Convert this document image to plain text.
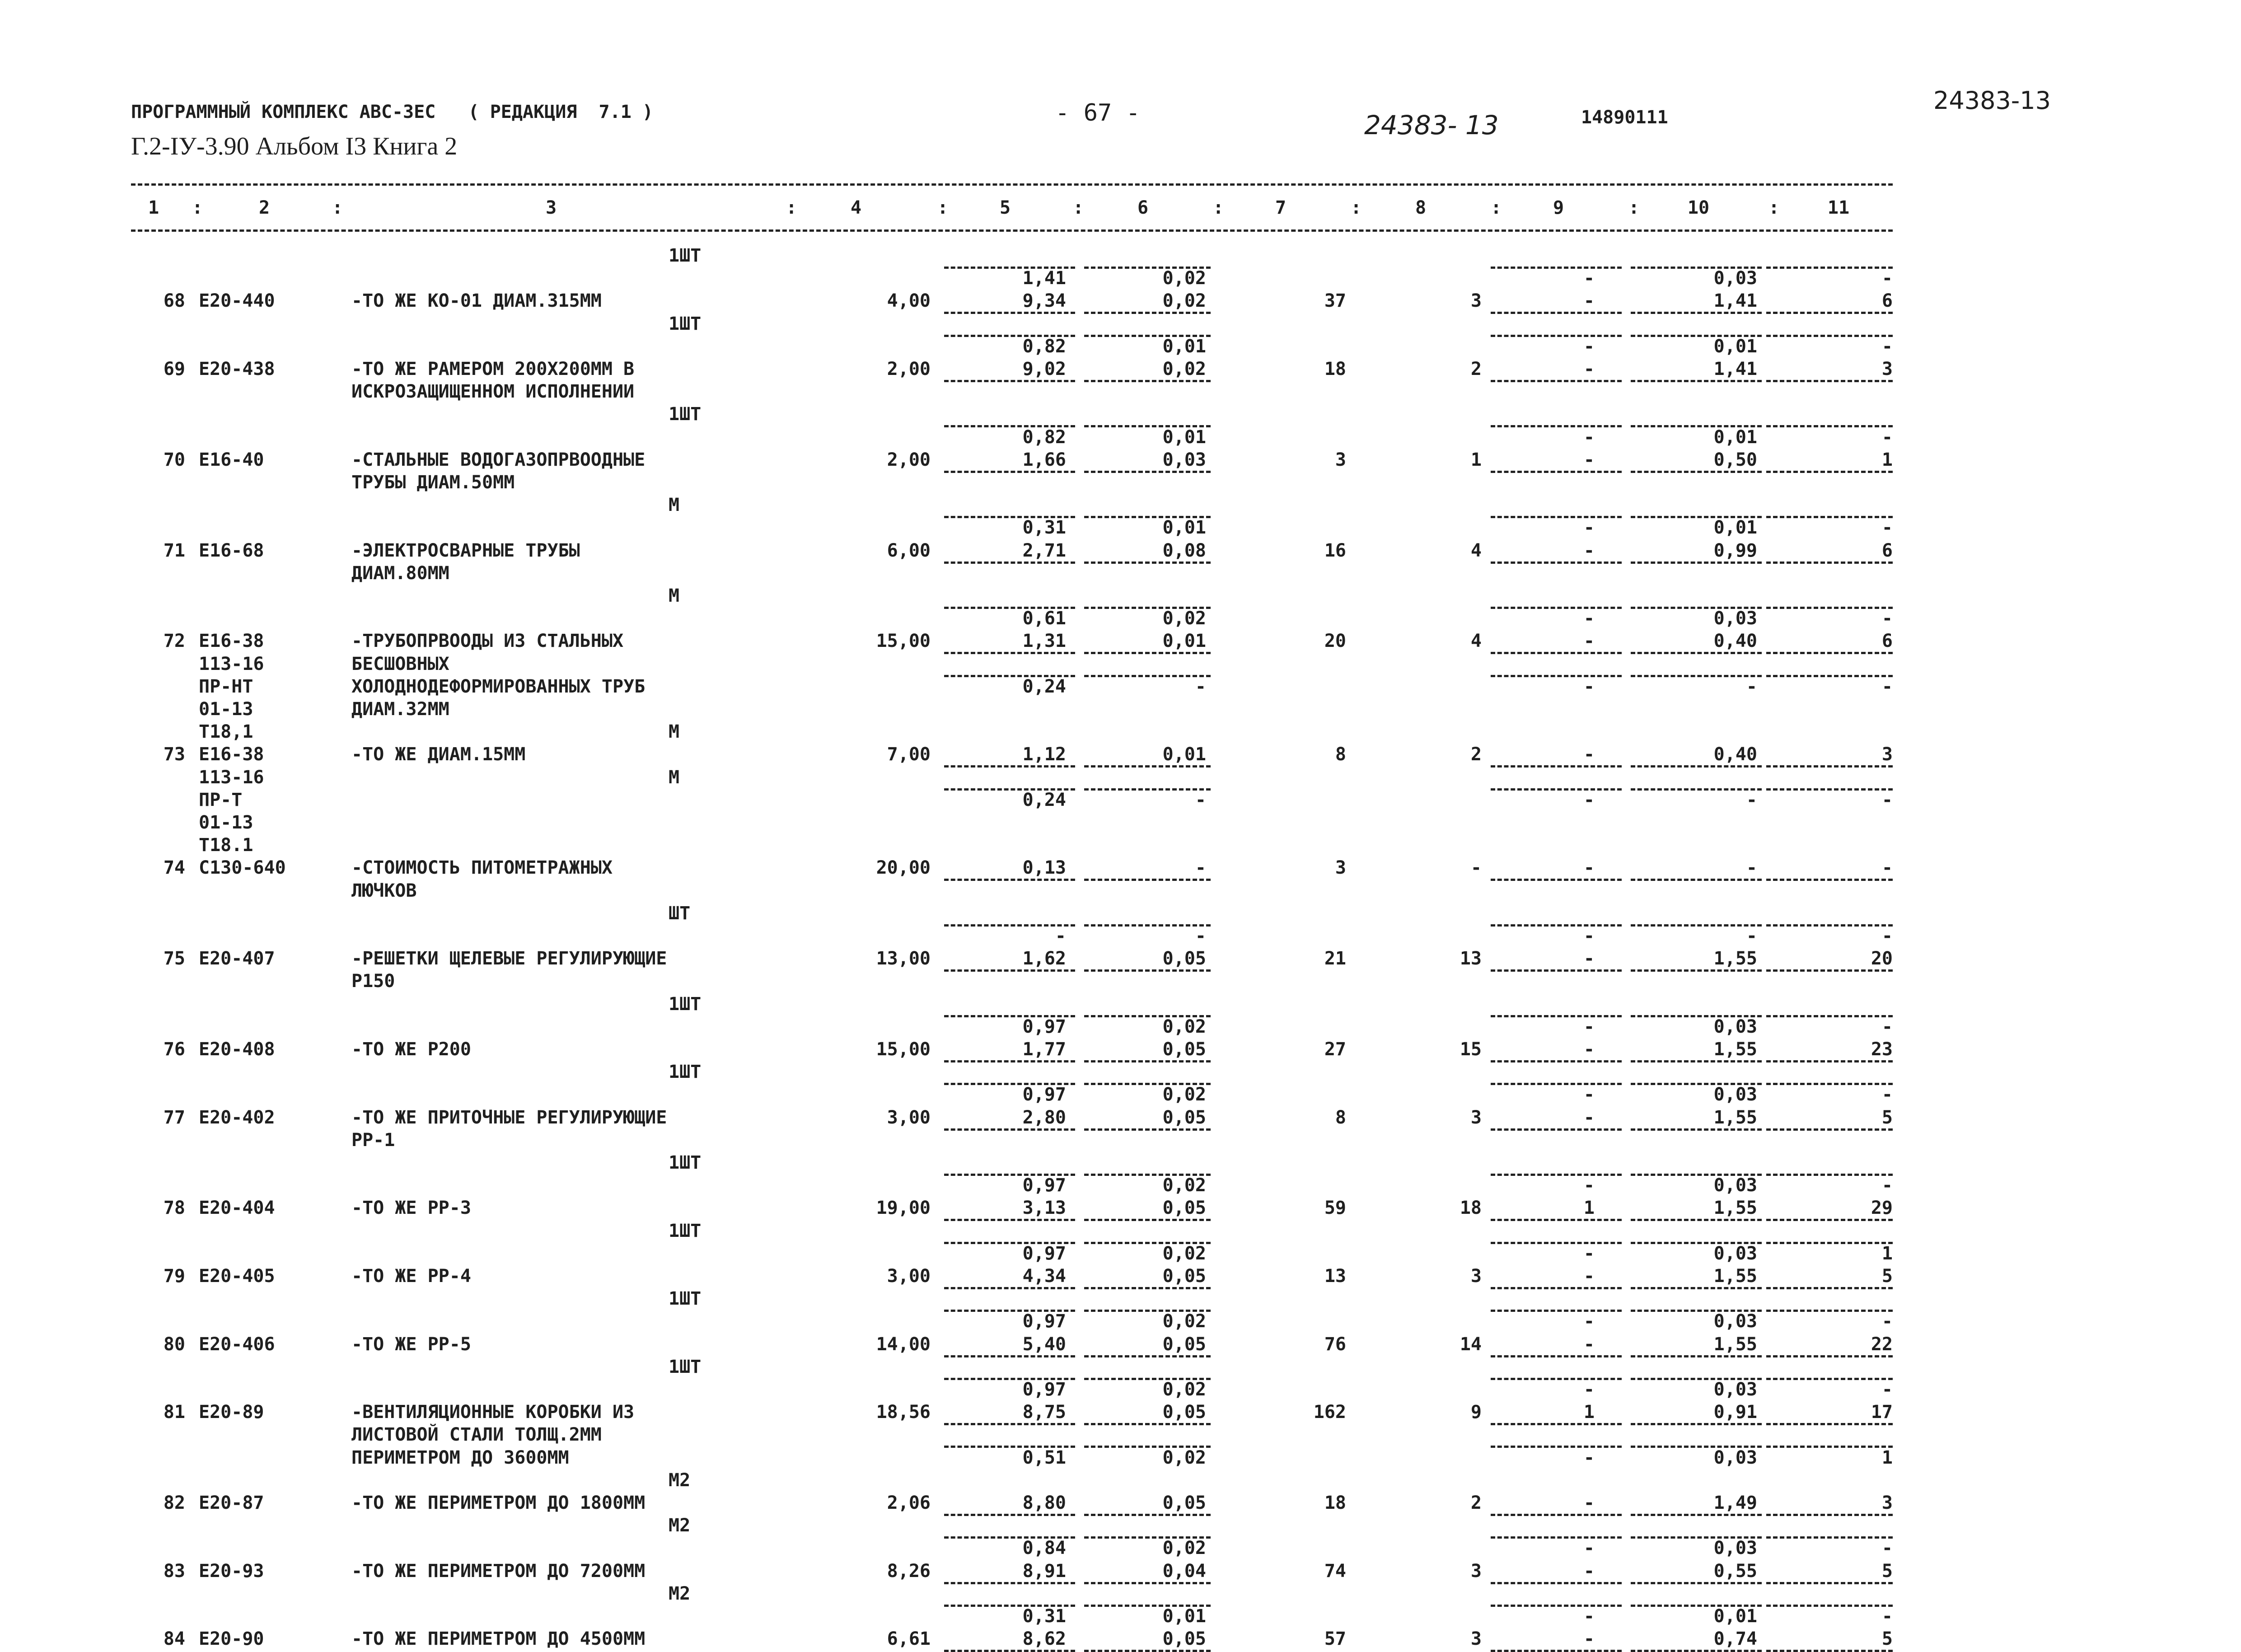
ПРОГРАММНЫЙ КОМПЛЕКС АВС-ЗЕС   ( РЕДАКЦИЯ  7.1 )	- 67 -	24383- 13	14890111
24383-13
Г.2-IУ-3.90 Альбом I3 Книга 2
1	2	3	4	5	6	7	8	9	10	11
:	:	:	:	:	:	:	:	:	:
1ШТ
1,41	0,02	-	0,03	-
68 Е20-440	-ТО ЖЕ КО-01 ДИАМ.315ММ	4,00	9,34	0,02	37	3	-	1,41	6
1ШТ
0,82	0,01	-	0,01	-
69 Е20-438	-ТО ЖЕ РАМЕРОМ 200Х200ММ В	2,00	9,02	0,02	18	2	-	1,41	3
ИСКРОЗАЩИЩЕННОМ ИСПОЛНЕНИИ
1ШТ
0,82	0,01	-	0,01	-
70 Е16-40	-СТАЛЬНЫЕ ВОДОГАЗОПРВООДНЫЕ	2,00	1,66	0,03	3	1	-	0,50	1
ТРУБЫ ДИАМ.50ММ
М
0,31	0,01	-	0,01	-
71 Е16-68	-ЭЛЕКТРОСВАРНЫЕ ТРУБЫ	6,00	2,71	0,08	16	4	-	0,99	6
ДИАМ.80ММ
М
0,61	0,02	-	0,03	-
72 Е16-38	-ТРУБОПРВООДЫ ИЗ СТАЛЬНЫХ	15,00	1,31	0,01	20	4	-	0,40	6
113-16	БЕСШОВНЫХ
ПР-НТ	ХОЛОДНОДЕФОРМИРОВАННЫХ ТРУБ	0,24	-	-	-	-
01-13	ДИАМ.32ММ
Т18,1	М
73 Е16-38	-ТО ЖЕ ДИАМ.15ММ	7,00	1,12	0,01	8	2	-	0,40	3
113-16	М
ПР-Т	0,24	-	-	-	-
01-13
Т18.1
74 С130-640	-СТОИМОСТЬ ПИТОМЕТРАЖНЫХ	20,00	0,13	-	3	-	-	-	-
ЛЮЧКОВ
ШТ
-	-	-	-	-
75 Е20-407	-РЕШЕТКИ ЩЕЛЕВЫЕ РЕГУЛИРУЮЩИЕ	13,00	1,62	0,05	21	13	-	1,55	20
Р150
1ШТ
0,97	0,02	-	0,03	-
76 Е20-408	-ТО ЖЕ Р200	15,00	1,77	0,05	27	15	-	1,55	23
1ШТ
0,97	0,02	-	0,03	-
77 Е20-402	-ТО ЖЕ ПРИТОЧНЫЕ РЕГУЛИРУЮЩИЕ	3,00	2,80	0,05	8	3	-	1,55	5
РР-1
1ШТ
0,97	0,02	-	0,03	-
78 Е20-404	-ТО ЖЕ РР-3	19,00	3,13	0,05	59	18	1	1,55	29
1ШТ
0,97	0,02	-	0,03	1
79 Е20-405	-ТО ЖЕ РР-4	3,00	4,34	0,05	13	3	-	1,55	5
1ШТ
0,97	0,02	-	0,03	-
80 Е20-406	-ТО ЖЕ РР-5	14,00	5,40	0,05	76	14	-	1,55	22
1ШТ
0,97	0,02	-	0,03	-
81 Е20-89	-ВЕНТИЛЯЦИОННЫЕ КОРОБКИ ИЗ	18,56	8,75	0,05	162	9	1	0,91	17
ЛИСТОВОЙ СТАЛИ ТОЛЩ.2ММ
ПЕРИМЕТРОМ ДО 3600ММ	0,51	0,02	-	0,03	1
М2
82 Е20-87	-ТО ЖЕ ПЕРИМЕТРОМ ДО 1800ММ	2,06	8,80	0,05	18	2	-	1,49	3
М2
0,84	0,02	-	0,03	-
83 Е20-93	-ТО ЖЕ ПЕРИМЕТРОМ ДО 7200ММ	8,26	8,91	0,04	74	3	-	0,55	5
М2
0,31	0,01	-	0,01	-
84 Е20-90	-ТО ЖЕ ПЕРИМЕТРОМ ДО 4500ММ	6,61	8,62	0,05	57	3	-	0,74	5
